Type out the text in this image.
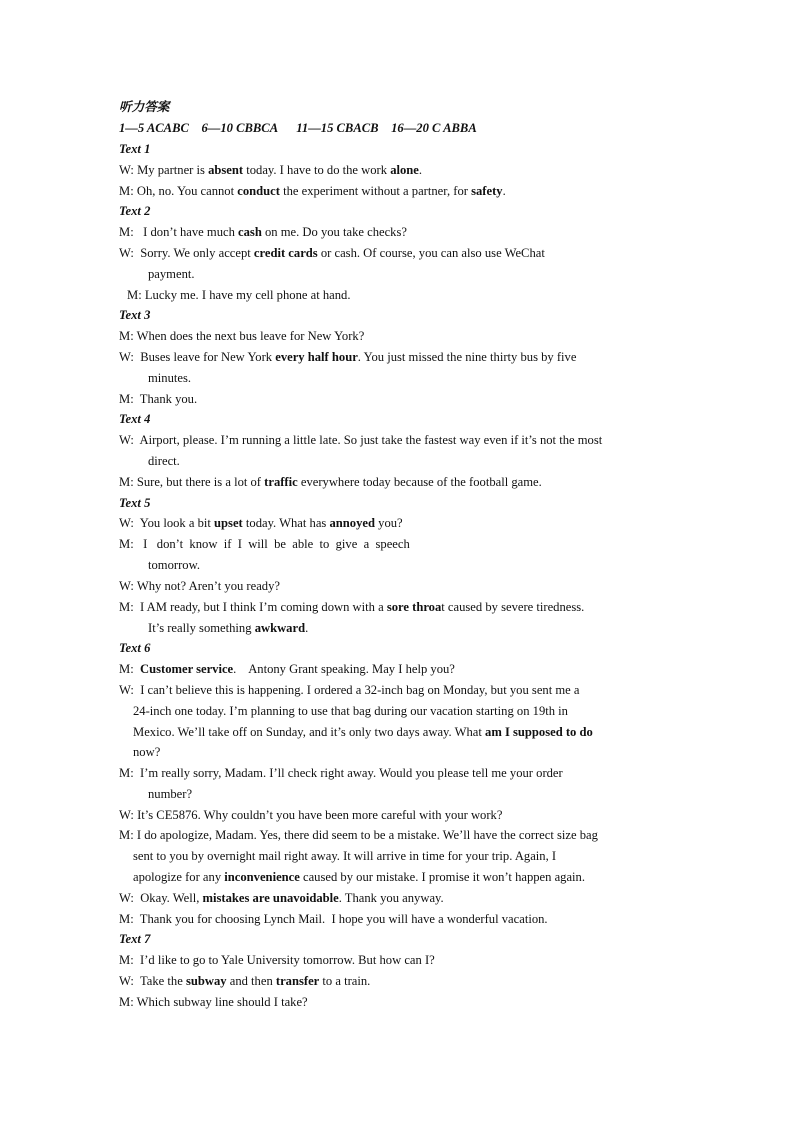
听力答案
1—5 ACABC    6—10 CBBCA      11—15 CBACB    16—20 C ABBA
Text 1
W: My partner is absent today. I have to do the work alone.
M: Oh, no. You cannot conduct the experiment without a partner, for safety.
Text 2
M:   I don’t have much cash on me. Do you take checks?
W:  Sorry. We only accept credit cards or cash. Of course, you can also use WeChat
payment.
M: Lucky me. I have my cell phone at hand.
Text 3
M: When does the next bus leave for New York?
W:  Buses leave for New York every half hour. You just missed the nine thirty bus by five
minutes.
M:  Thank you.
Text 4
W:  Airport, please. I’m running a little late. So just take the fastest way even if it’s not the most
direct.
M: Sure, but there is a lot of traffic everywhere today because of the football game.
Text 5
W:  You look a bit upset today. What has annoyed you?
M:   I   don’t  know  if  I  will  be  able  to  give  a  speech
tomorrow.
W: Why not? Aren’t you ready?
M:  I AM ready, but I think I’m coming down with a sore throat caused by severe tiredness.
It’s really something awkward.
Text 6
M:  Customer service.    Antony Grant speaking. May I help you?
W:  I can’t believe this is happening. I ordered a 32-inch bag on Monday, but you sent me a
24-inch one today. I’m planning to use that bag during our vacation starting on 19th in
Mexico. We’ll take off on Sunday, and it’s only two days away. What am I supposed to do
now?
M:  I’m really sorry, Madam. I’ll check right away. Would you please tell me your order
number?
W: It’s CE5876. Why couldn’t you have been more careful with your work?
M: I do apologize, Madam. Yes, there did seem to be a mistake. We’ll have the correct size bag
sent to you by overnight mail right away. It will arrive in time for your trip. Again, I
apologize for any inconvenience caused by our mistake. I promise it won’t happen again.
W:  Okay. Well, mistakes are unavoidable. Thank you anyway.
M:  Thank you for choosing Lynch Mail.  I hope you will have a wonderful vacation.
Text 7
M:  I’d like to go to Yale University tomorrow. But how can I?
W:  Take the subway and then transfer to a train.
M: Which subway line should I take?
